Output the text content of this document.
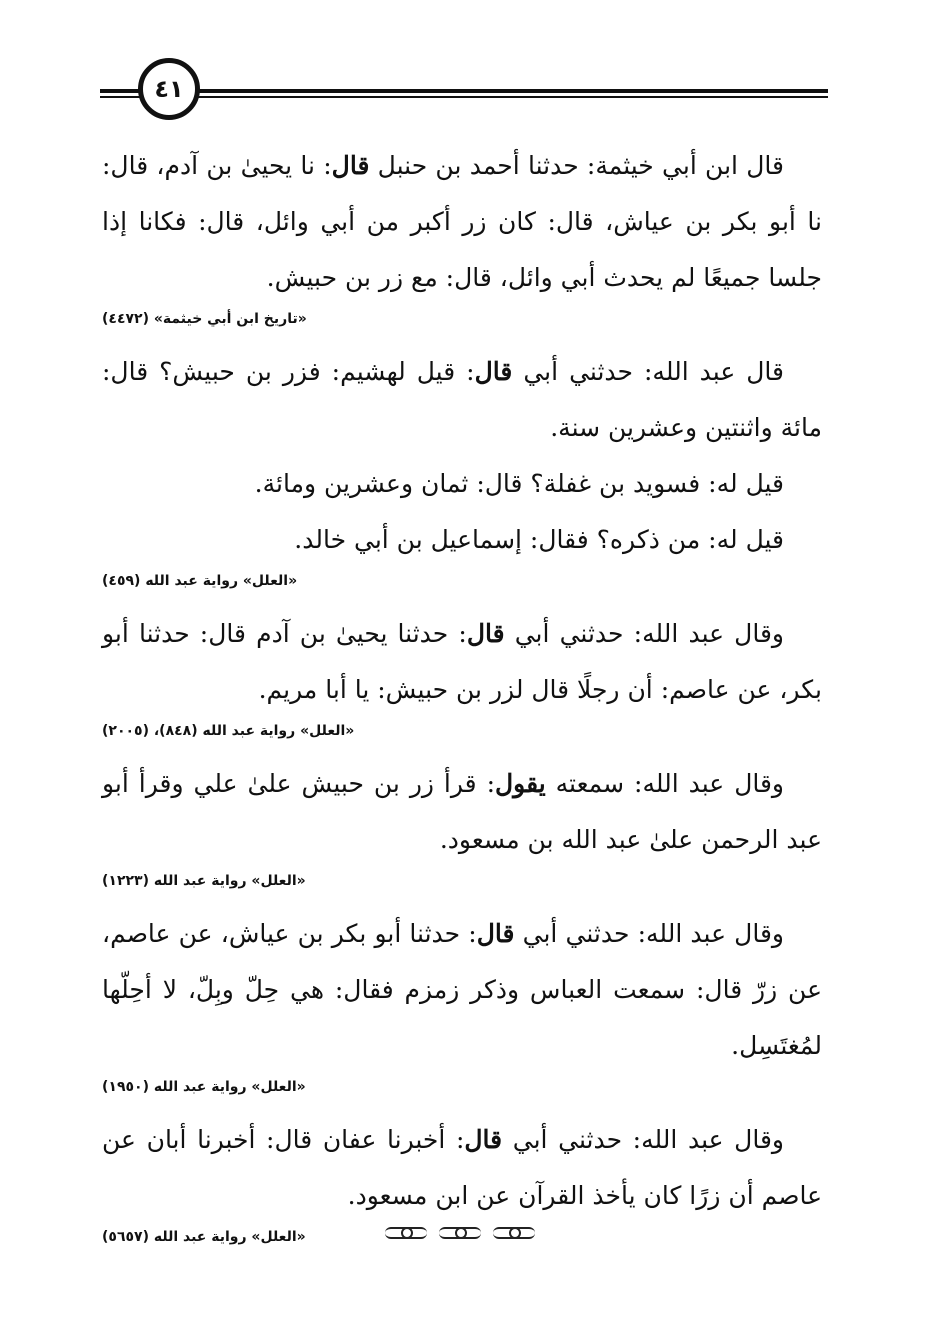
٤١

قال ابن أبي خيثمة: حدثنا أحمد بن حنبل قال: نا يحيىٰ بن آدم، قال: نا أبو بكر بن عياش، قال: كان زر أكبر من أبي وائل، قال: فكانا إذا جلسا جميعًا لم يحدث أبي وائل، قال: مع زر بن حبيش.

«تاريخ ابن أبي خيثمة» (٤٤٧٢)

قال عبد الله: حدثني أبي قال: قيل لهشيم: فزر بن حبيش؟ قال: مائة واثنتين وعشرين سنة.

قيل له: فسويد بن غفلة؟ قال: ثمان وعشرين ومائة.

قيل له: من ذكره؟ فقال: إسماعيل بن أبي خالد.

«العلل» رواية عبد الله (٤٥٩)

وقال عبد الله: حدثني أبي قال: حدثنا يحيىٰ بن آدم قال: حدثنا أبو بكر، عن عاصم: أن رجلًا قال لزر بن حبيش: يا أبا مريم.

«العلل» رواية عبد الله (٨٤٨)، (٢٠٠٥)

وقال عبد الله: سمعته يقول: قرأ زر بن حبيش علىٰ علي وقرأ أبو عبد الرحمن علىٰ عبد الله بن مسعود.

«العلل» رواية عبد الله (١٢٢٣)

وقال عبد الله: حدثني أبي قال: حدثنا أبو بكر بن عياش، عن عاصم، عن زرّ قال: سمعت العباس وذكر زمزم فقال: هي حِلّ وبِلّ، لا أحِلّها لمُغتَسِل.

«العلل» رواية عبد الله (١٩٥٠)

وقال عبد الله: حدثني أبي قال: أخبرنا عفان قال: أخبرنا أبان عن عاصم أن زرًا كان يأخذ القرآن عن ابن مسعود.

«العلل» رواية عبد الله (٥٦٥٧)
